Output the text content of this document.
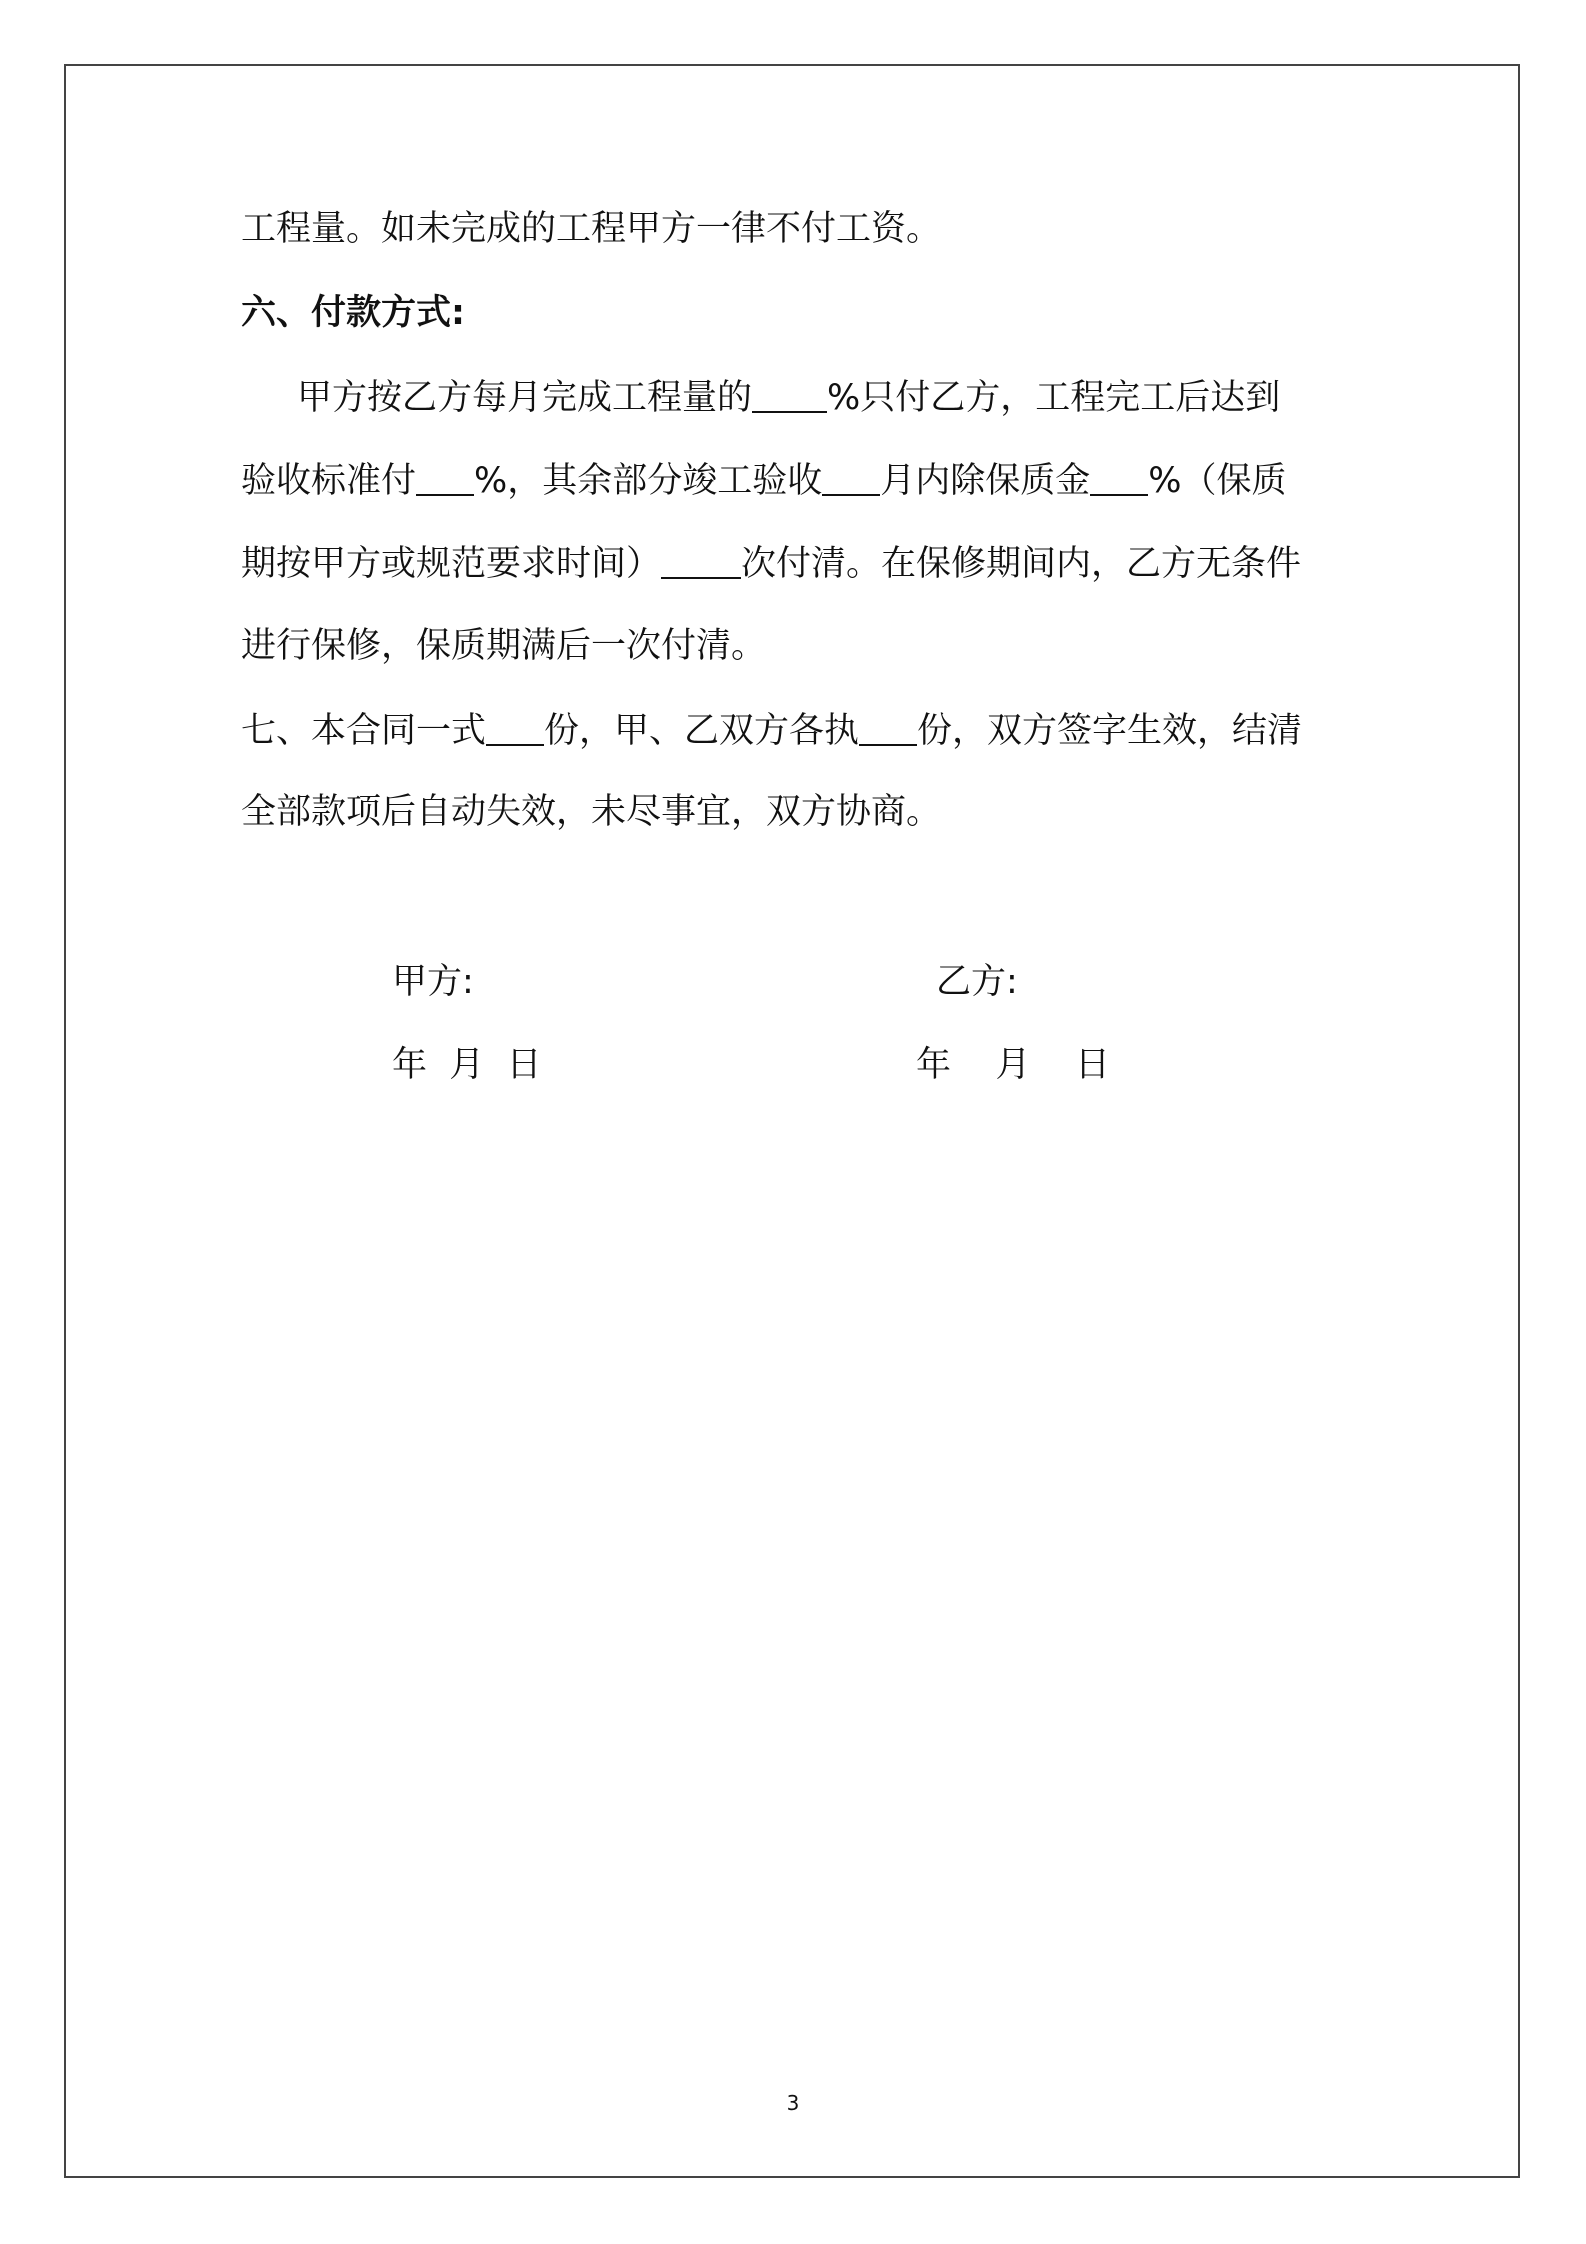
工程量。如未完成的工程甲方一律不付工资。
六、付款方式:
甲方按乙方每月完成工程量的 %只付乙方，工程完工后达到
验收标准付 %，其余部分竣工验收 月内除保质金 %（保质
期按甲方或规范要求时间） 次付清。在保修期间内，乙方无条件
进行保修，保质期满后一次付清。
七、本合同一式 份，甲、乙双方各执 份，双方签字生效，结清
全部款项后自动失效，未尽事宜，双方协商。
甲方:	乙方:
年  月  日	年    月    日
3
